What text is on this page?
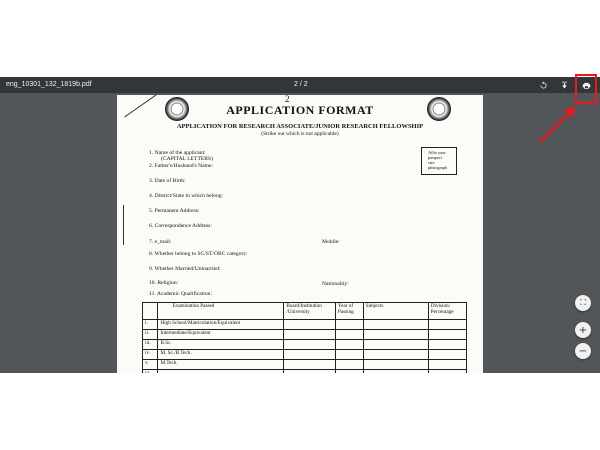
eng_10301_132_1819b.pdf	2 / 2
2
APPLICATION FORMAT
APPLICATION FOR RESEARCH ASSOCIATE/JUNIOR RESEARCH FELLOWSHIP
(Strike out which is not applicable)
Affix your
passport
size
photograph
1. Name of the applicant:
(CAPITAL LETTERS)
2. Father's/Husband's Name:
3. Date of Birth:
4. District/State in which belong:
5. Permanent Address:
6. Correspondence Address:
7. e_mail:	Mobile:
8. Whether belong to SC/ST/OBC category:
9. Whether Married/Unmarried:
10. Religion:	Nationality:
11. Academic Qualification:
	Examination Passed	Board/Institution /University	Year of Passing	Subjects	Division/ Percentage
i.	High School/Matriculation/Equivalent				
ii.	Intermediate/Equivalent				
iii.	B.Sc.				
iv.	M. Sc./B.Tech.				
v.	M.Tech.				
vi.					
⛶
+
−
